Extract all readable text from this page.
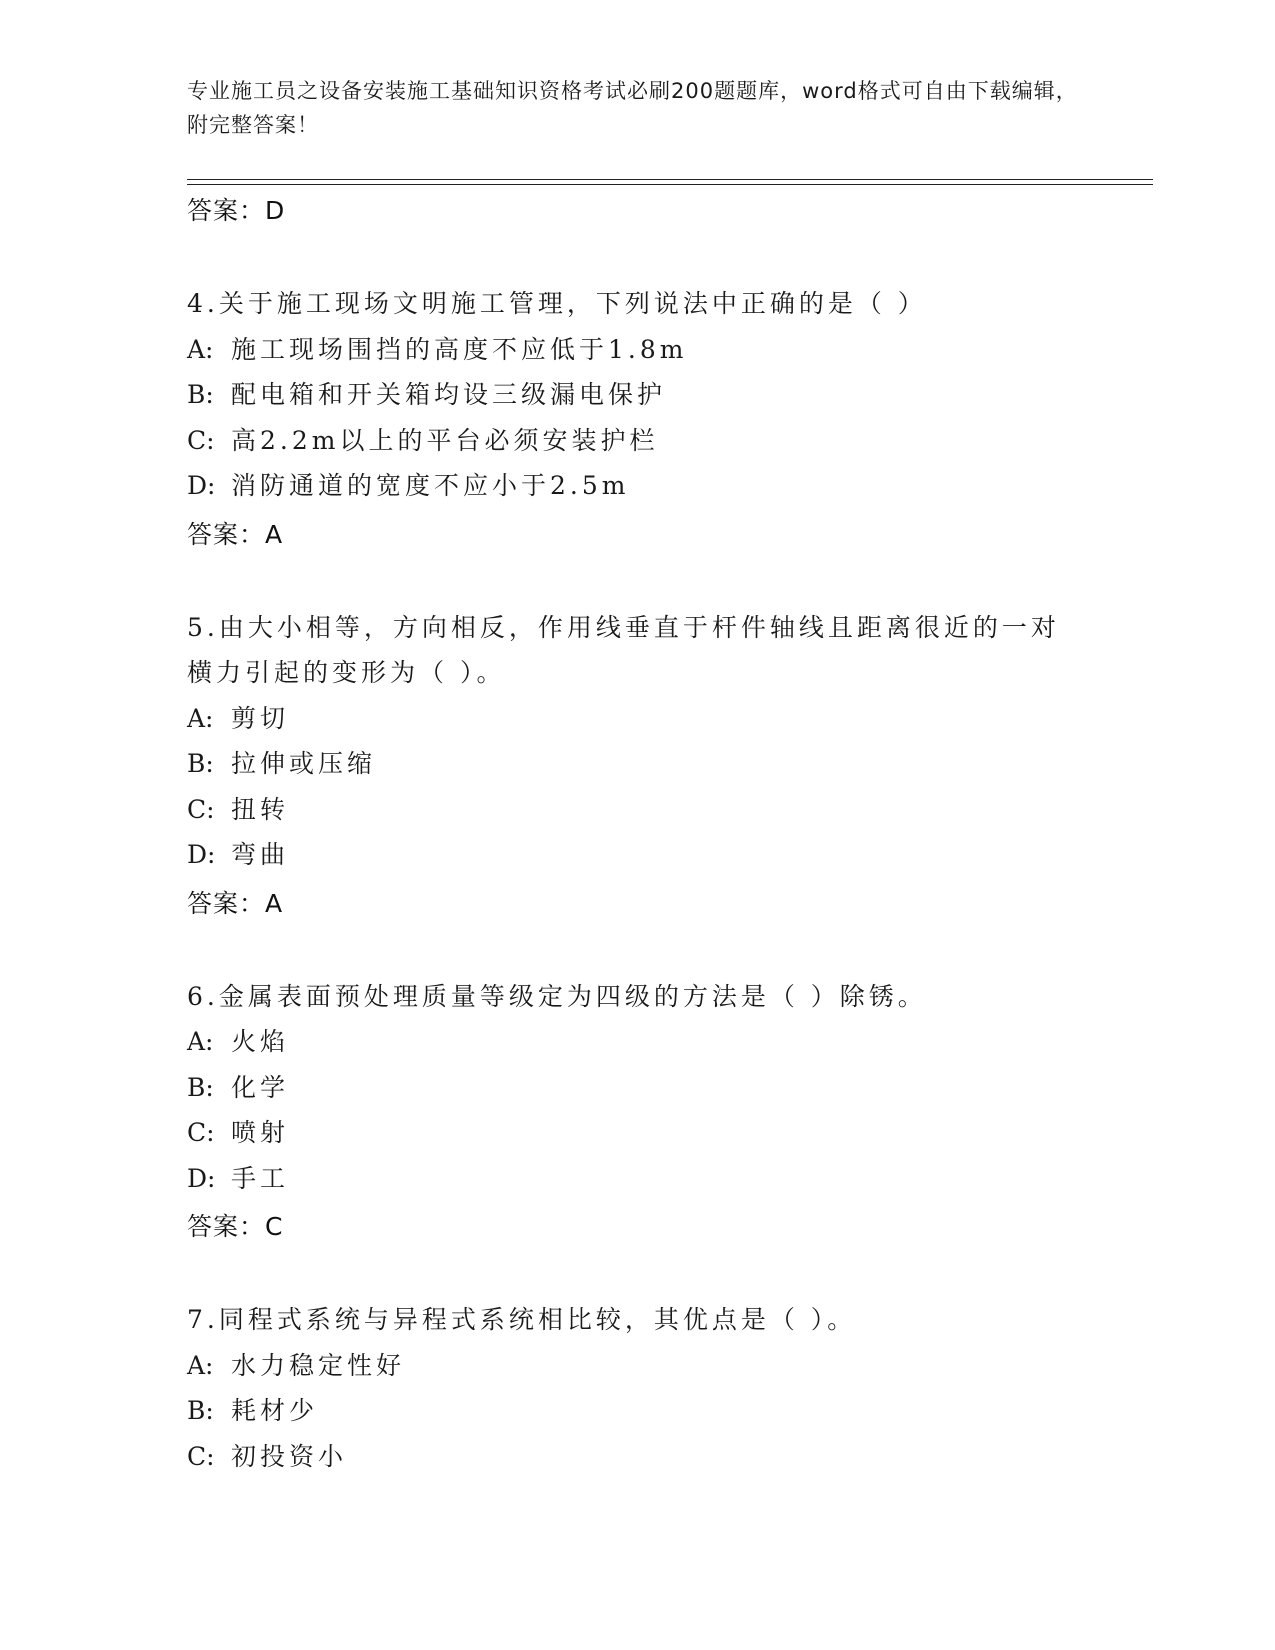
专业施工员之设备安装施工基础知识资格考试必刷200题题库，word格式可自由下载编辑，附完整答案！
答案：D
4.关于施工现场文明施工管理，下列说法中正确的是（ ）
A: 施工现场围挡的高度不应低于1.8m
B: 配电箱和开关箱均设三级漏电保护
C: 高2.2m以上的平台必须安装护栏
D: 消防通道的宽度不应小于2.5m
答案：A
5.由大小相等，方向相反，作用线垂直于杆件轴线且距离很近的一对横力引起的变形为（ ）。
A: 剪切
B: 拉伸或压缩
C: 扭转
D: 弯曲
答案：A
6.金属表面预处理质量等级定为四级的方法是（ ）除锈。
A: 火焰
B: 化学
C: 喷射
D: 手工
答案：C
7.同程式系统与异程式系统相比较，其优点是（ ）。
A: 水力稳定性好
B: 耗材少
C: 初投资小
